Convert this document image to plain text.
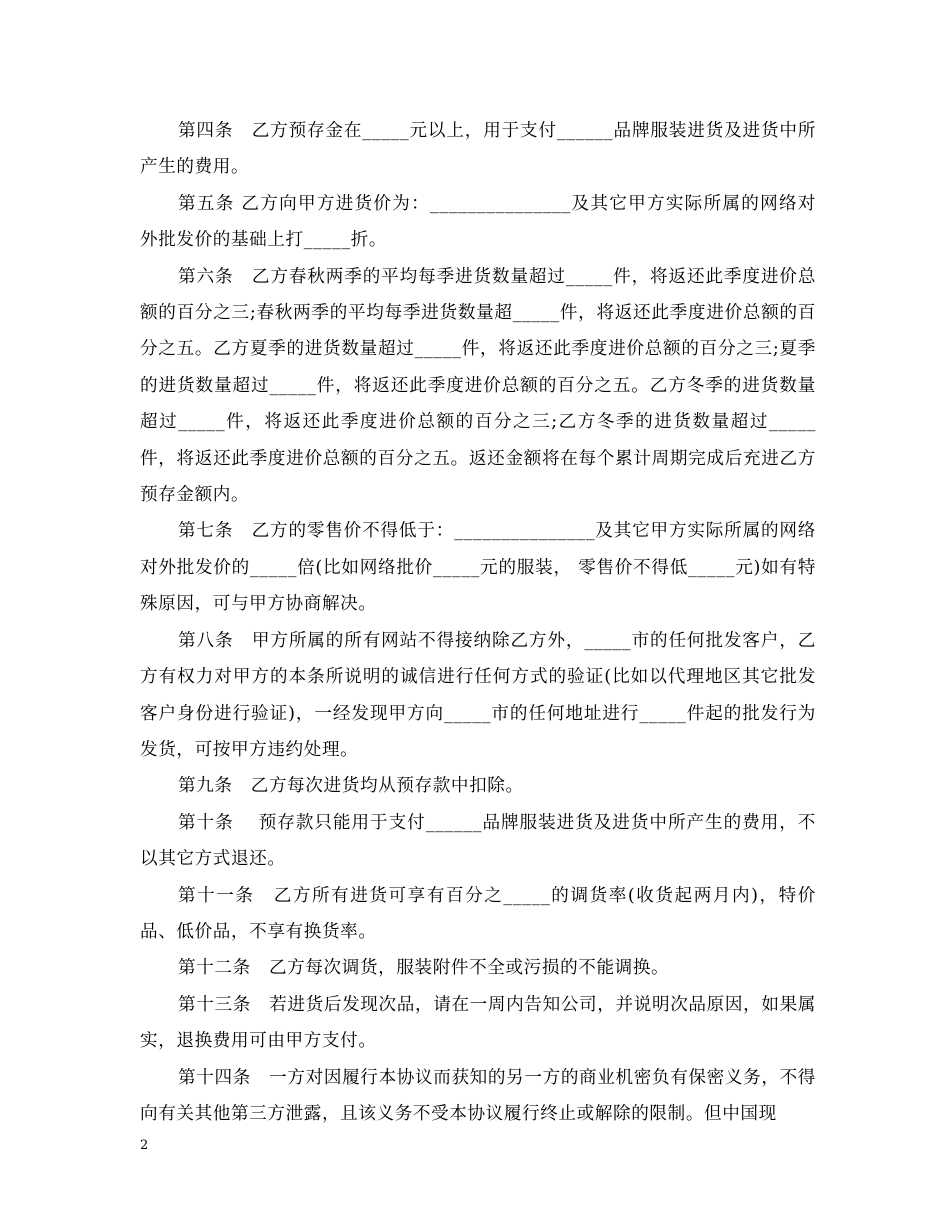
第四条　乙方预存金在_____元以上，用于支付______品牌服装进货及进货中所产生的费用。

第五条 乙方向甲方进货价为：_______________及其它甲方实际所属的网络对外批发价的基础上打_____折。

第六条　乙方春秋两季的平均每季进货数量超过_____件，将返还此季度进价总额的百分之三;春秋两季的平均每季进货数量超_____件，将返还此季度进价总额的百分之五。乙方夏季的进货数量超过_____件，将返还此季度进价总额的百分之三;夏季的进货数量超过_____件，将返还此季度进价总额的百分之五。乙方冬季的进货数量超过_____件，将返还此季度进价总额的百分之三;乙方冬季的进货数量超过_____件，将返还此季度进价总额的百分之五。返还金额将在每个累计周期完成后充进乙方预存金额内。

第七条　乙方的零售价不得低于：_______________及其它甲方实际所属的网络对外批发价的_____倍(比如网络批价_____元的服装， 零售价不得低_____元)如有特殊原因，可与甲方协商解决。

第八条　甲方所属的所有网站不得接纳除乙方外，_____市的任何批发客户，乙方有权力对甲方的本条所说明的诚信进行任何方式的验证(比如以代理地区其它批发客户身份进行验证)，一经发现甲方向_____市的任何地址进行_____件起的批发行为发货，可按甲方违约处理。

第九条　乙方每次进货均从预存款中扣除。

第十条　 预存款只能用于支付______品牌服装进货及进货中所产生的费用，不以其它方式退还。

第十一条　乙方所有进货可享有百分之_____的调货率(收货起两月内)，特价品、低价品，不享有换货率。

第十二条　乙方每次调货，服装附件不全或污损的不能调换。

第十三条　若进货后发现次品，请在一周内告知公司，并说明次品原因，如果属实，退换费用可由甲方支付。

第十四条　一方对因履行本协议而获知的另一方的商业机密负有保密义务，不得向有关其他第三方泄露，且该义务不受本协议履行终止或解除的限制。但中国现

2
